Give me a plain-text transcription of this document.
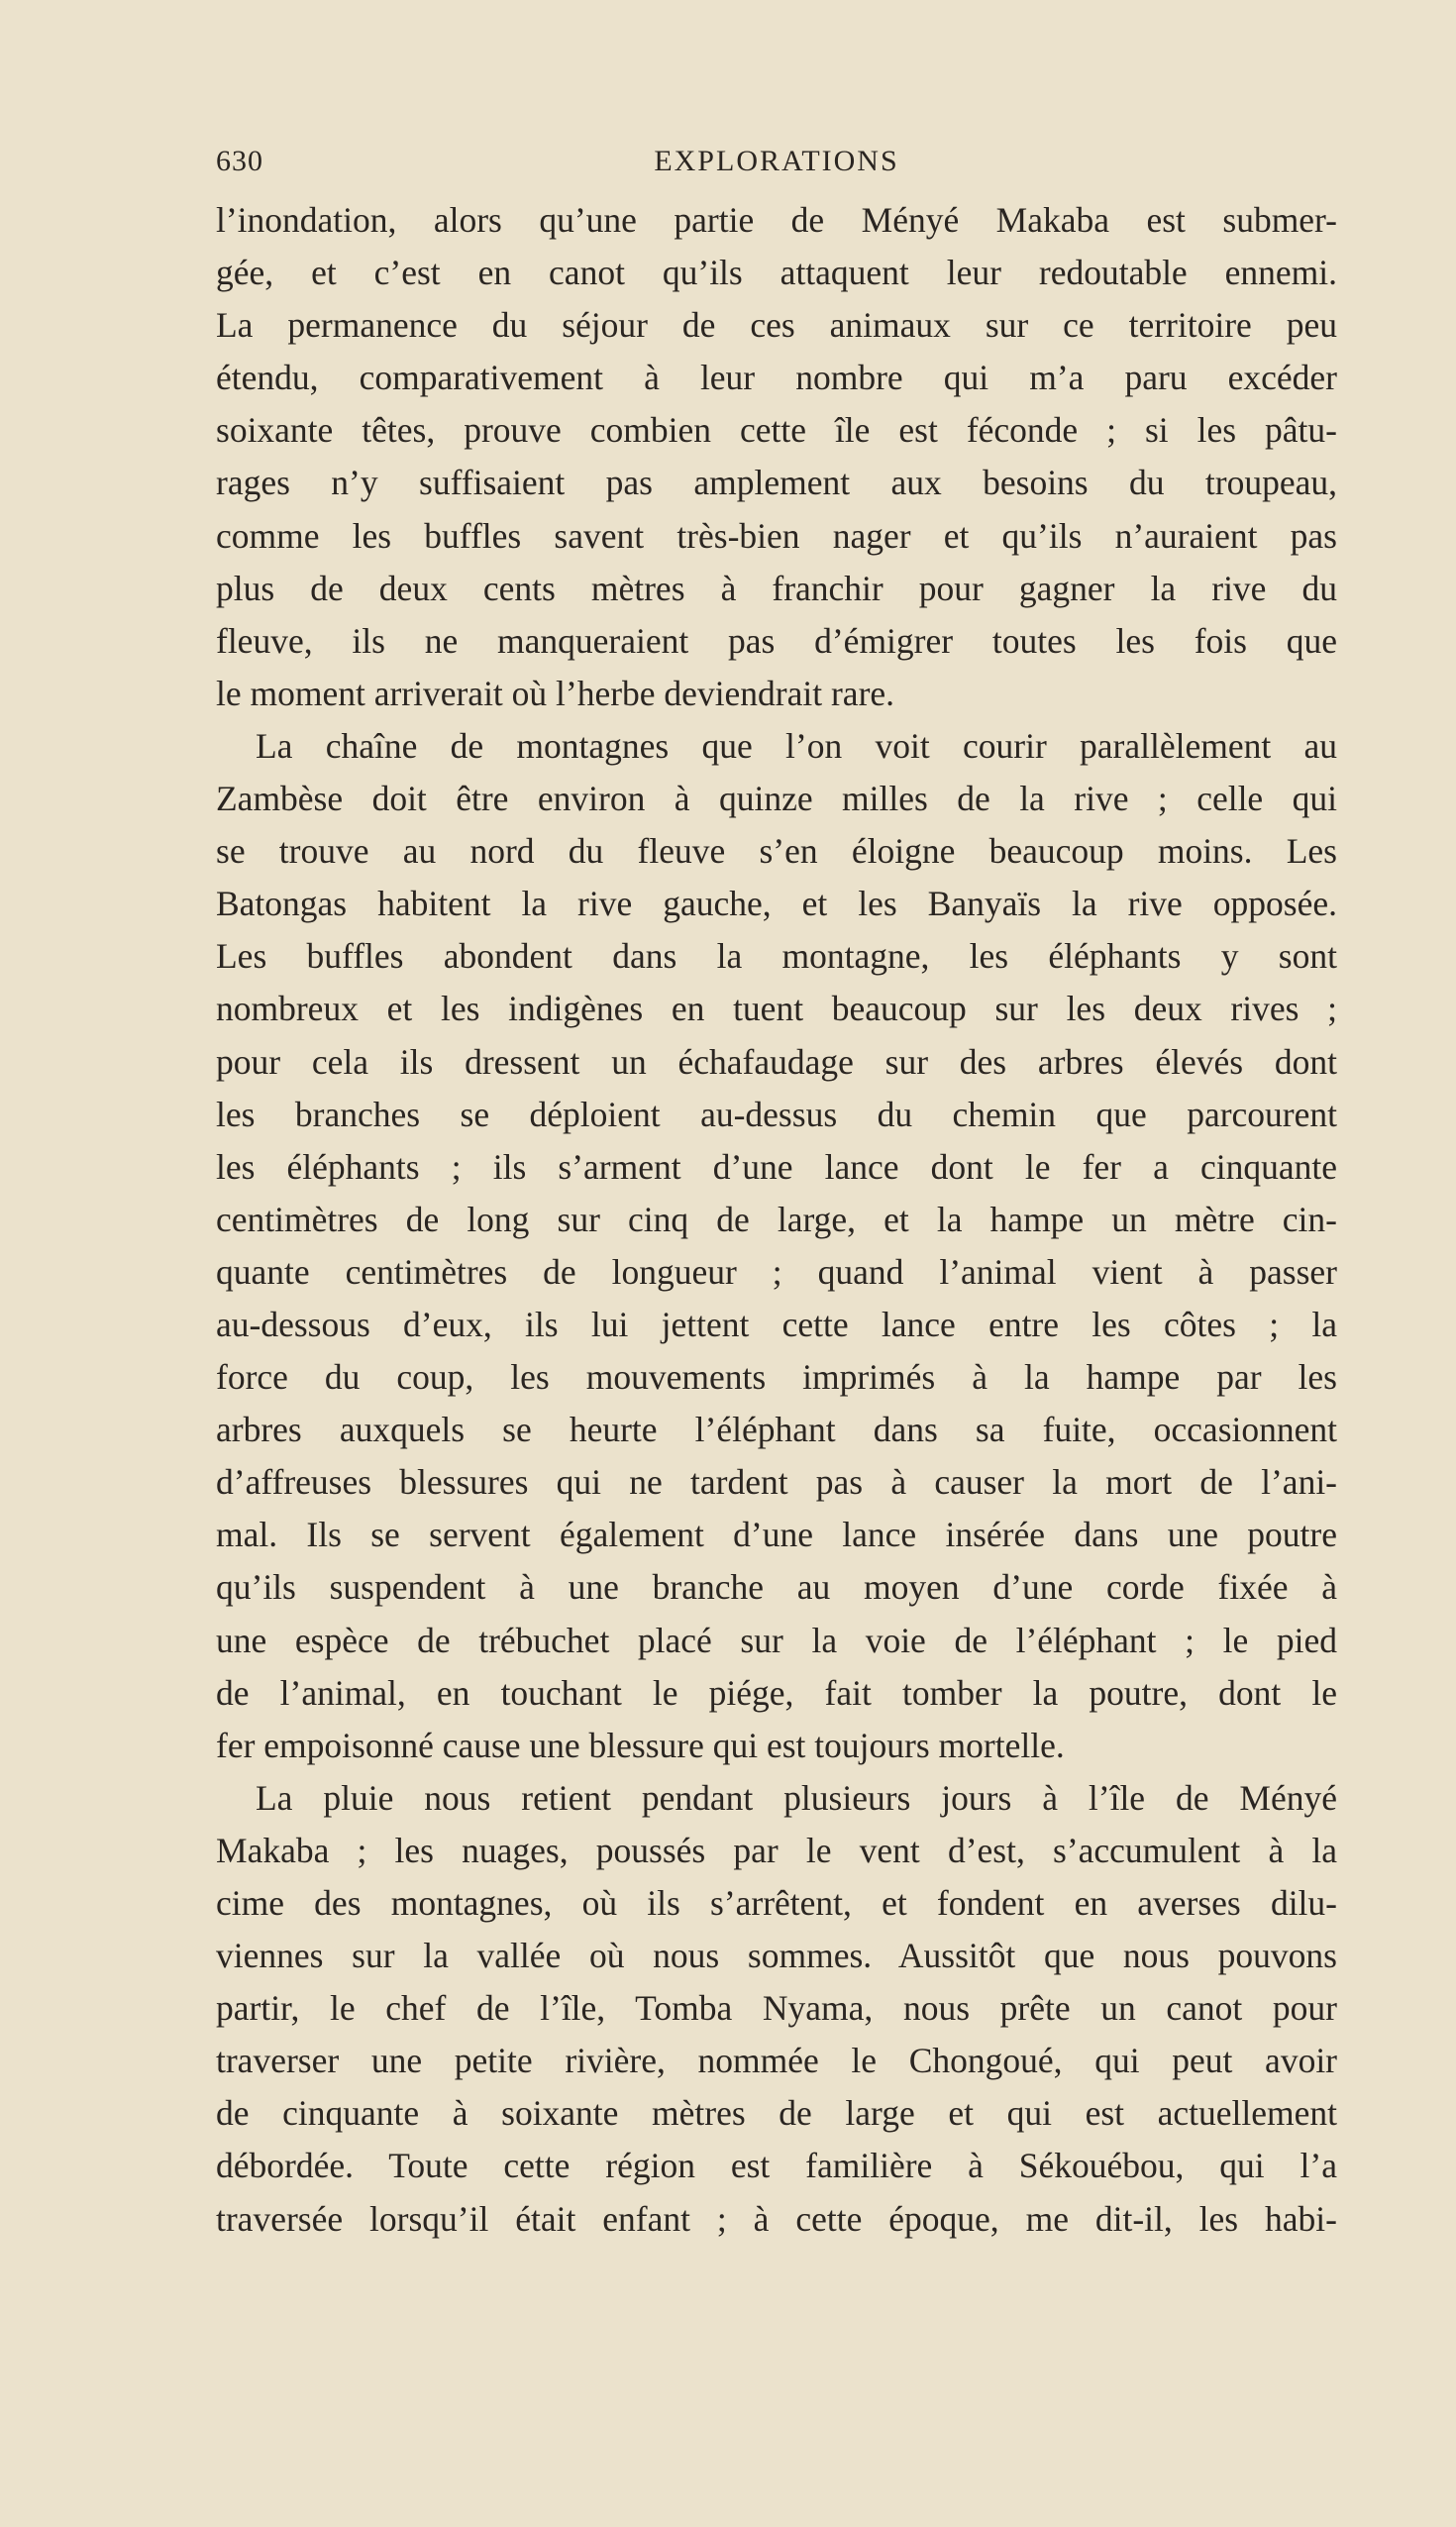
630	EXPLORATIONS
l’inondation, alors qu’une partie de Ményé Makaba est submer-
gée, et c’est en canot qu’ils attaquent leur redoutable ennemi.
La permanence du séjour de ces animaux sur ce territoire peu
étendu, comparativement à leur nombre qui m’a paru excéder
soixante têtes, prouve combien cette île est féconde ; si les pâtu-
rages n’y suffisaient pas amplement aux besoins du troupeau,
comme les buffles savent très-bien nager et qu’ils n’auraient pas
plus de deux cents mètres à franchir pour gagner la rive du
fleuve, ils ne manqueraient pas d’émigrer toutes les fois que
le moment arriverait où l’herbe deviendrait rare.
La chaîne de montagnes que l’on voit courir parallèlement au
Zambèse doit être environ à quinze milles de la rive ; celle qui
se trouve au nord du fleuve s’en éloigne beaucoup moins. Les
Batongas habitent la rive gauche, et les Banyaïs la rive opposée.
Les buffles abondent dans la montagne, les éléphants y sont
nombreux et les indigènes en tuent beaucoup sur les deux rives ;
pour cela ils dressent un échafaudage sur des arbres élevés dont
les branches se déploient au-dessus du chemin que parcourent
les éléphants ; ils s’arment d’une lance dont le fer a cinquante
centimètres de long sur cinq de large, et la hampe un mètre cin-
quante centimètres de longueur ; quand l’animal vient à passer
au-dessous d’eux, ils lui jettent cette lance entre les côtes ; la
force du coup, les mouvements imprimés à la hampe par les
arbres auxquels se heurte l’éléphant dans sa fuite, occasionnent
d’affreuses blessures qui ne tardent pas à causer la mort de l’ani-
mal. Ils se servent également d’une lance insérée dans une poutre
qu’ils suspendent à une branche au moyen d’une corde fixée à
une espèce de trébuchet placé sur la voie de l’éléphant ; le pied
de l’animal, en touchant le piége, fait tomber la poutre, dont le
fer empoisonné cause une blessure qui est toujours mortelle.
La pluie nous retient pendant plusieurs jours à l’île de Ményé
Makaba ; les nuages, poussés par le vent d’est, s’accumulent à la
cime des montagnes, où ils s’arrêtent, et fondent en averses dilu-
viennes sur la vallée où nous sommes. Aussitôt que nous pouvons
partir, le chef de l’île, Tomba Nyama, nous prête un canot pour
traverser une petite rivière, nommée le Chongoué, qui peut avoir
de cinquante à soixante mètres de large et qui est actuellement
débordée. Toute cette région est familière à Sékouébou, qui l’a
traversée lorsqu’il était enfant ; à cette époque, me dit-il, les habi-
